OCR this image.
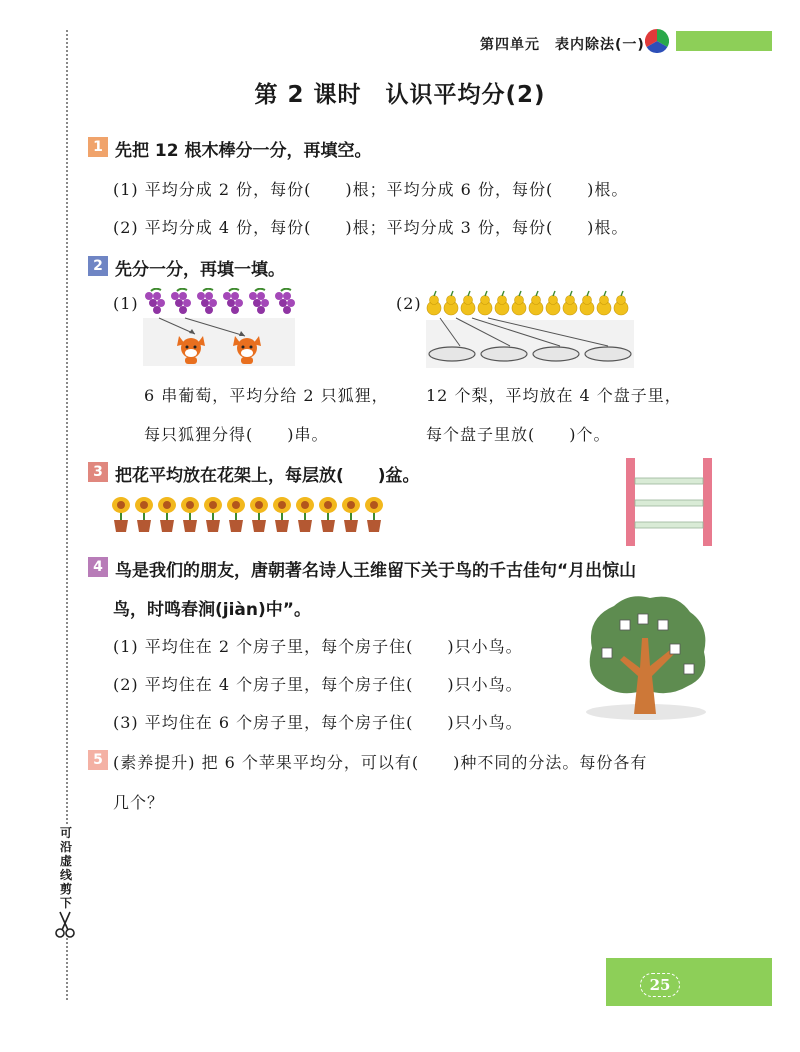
可沿虚线剪下
第四单元　表内除法(一)
第 2 课时　认识平均分(2)
1 先把 12 根木棒分一分，再填空。
(1) 平均分成 2 份，每份(　　)根；平均分成 6 份，每份(　　)根。
(2) 平均分成 4 份，每份(　　)根；平均分成 3 份，每份(　　)根。
2 先分一分，再填一填。
(1)	(2)
6 串葡萄，平均分给 2 只狐狸，
每只狐狸分得(　　)串。
12 个梨，平均放在 4 个盘子里，
每个盘子里放(　　)个。
3 把花平均放在花架上，每层放(　　)盆。
4 鸟是我们的朋友，唐朝著名诗人王维留下关于鸟的千古佳句“月出惊山
鸟，时鸣春涧(jiàn)中”。
(1) 平均住在 2 个房子里，每个房子住(　　)只小鸟。
(2) 平均住在 4 个房子里，每个房子住(　　)只小鸟。
(3) 平均住在 6 个房子里，每个房子住(　　)只小鸟。
5 (素养提升) 把 6 个苹果平均分，可以有(　　)种不同的分法。每份各有
几个？
25
